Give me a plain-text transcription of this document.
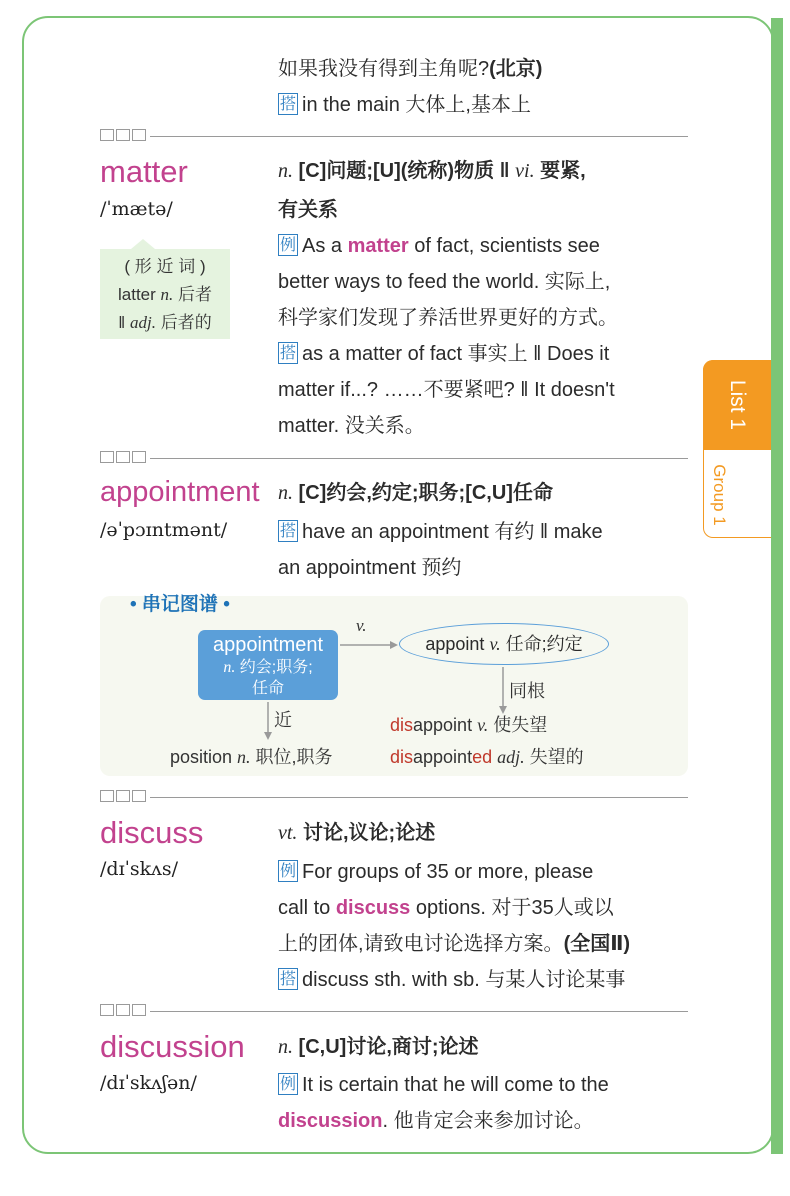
List 1
Group 1
如果我没有得到主角呢?(北京)
搭 in the main 大体上,基本上
matter
/ˈmætə/
n. [C]问题;[U](统称)物质 ‖ vi. 要紧,
有关系
例 As a matter of fact, scientists see
better ways to feed the world. 实际上,
科学家们发现了养活世界更好的方式。
搭 as a matter of fact 事实上 ‖ Does it
matter if...? ……不要紧吧? ‖ It doesn't
matter. 没关系。
( 形 近 词 )
latter n. 后者
‖ adj. 后者的
appointment
/əˈpɔɪntmənt/
n. [C]约会,约定;职务;[C,U]任命
搭 have an appointment 有约 ‖ make
an appointment 预约
• 串记图谱 •
appointment
n. 约会;职务;
任命
v.
appoint v. 任命;约定
同根
近	disappoint v. 使失望
disappointed adj. 失望的
position n. 职位,职务
discuss
/dɪˈskʌs/
vt. 讨论,议论;论述
例 For groups of 35 or more, please
call to discuss options. 对于35人或以
上的团体,请致电讨论选择方案。(全国Ⅱ)
搭 discuss sth. with sb. 与某人讨论某事
discussion
/dɪˈskʌʃən/
n. [C,U]讨论,商讨;论述
例 It is certain that he will come to the
discussion. 他肯定会来参加讨论。
